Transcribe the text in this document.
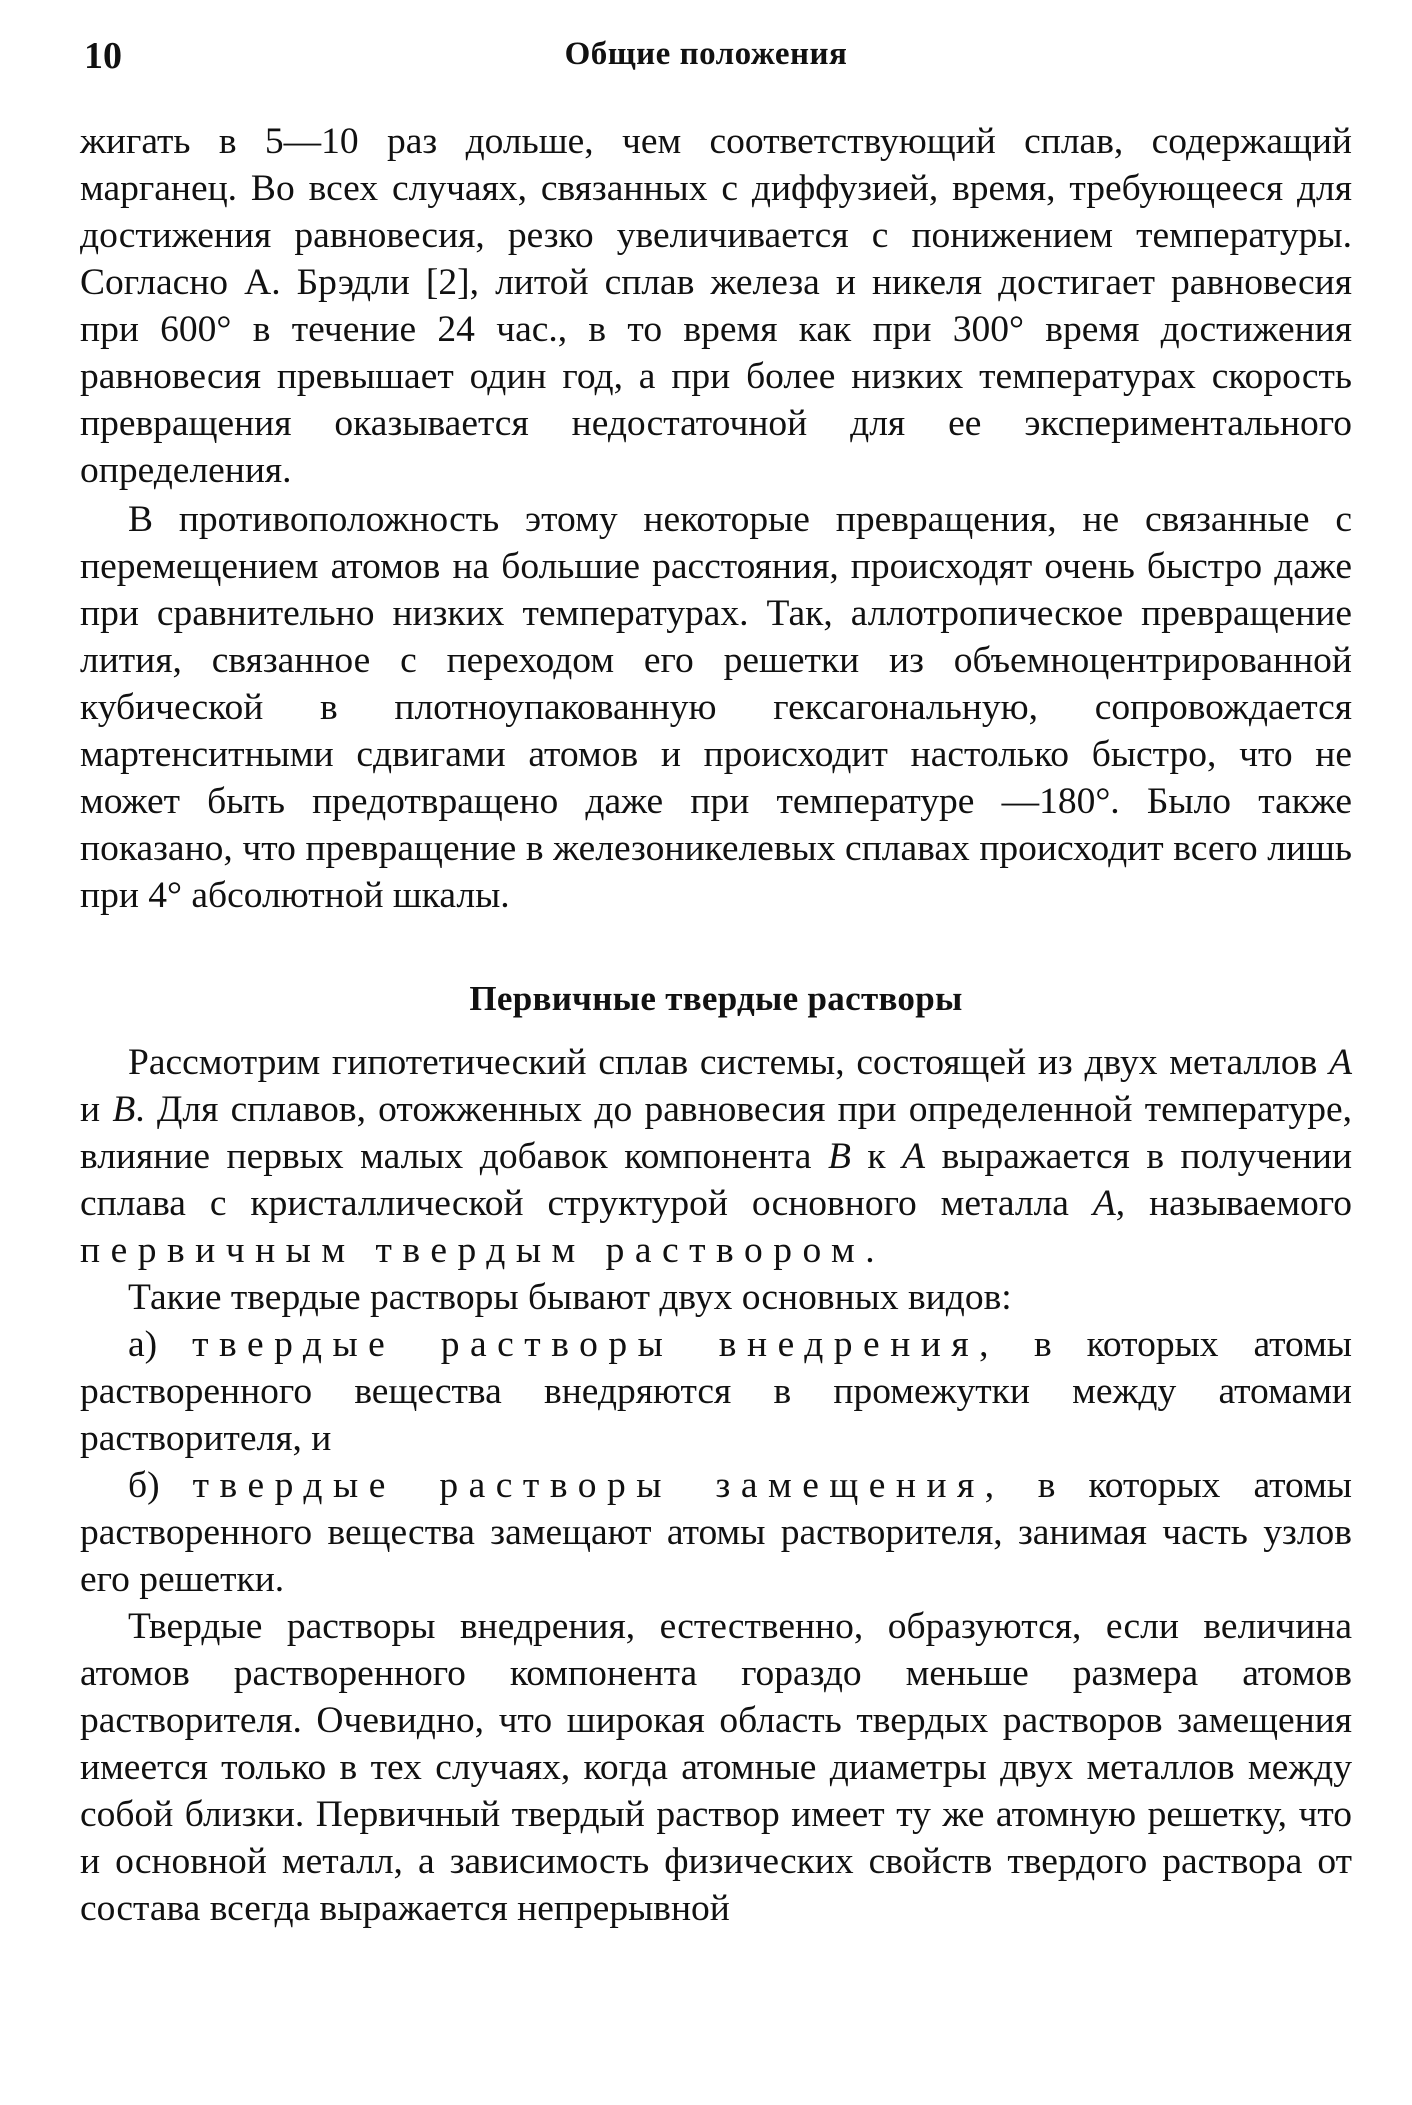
10	Общие положения

жигать в 5—10 раз дольше, чем соответствующий сплав, содержащий марганец. Во всех случаях, связанных с диффузией, время, требующееся для достижения равновесия, резко увеличивается с понижением температуры. Согласно А. Брэдли [2], литой сплав железа и никеля достигает равновесия при 600° в течение 24 час., в то время как при 300° время достижения равновесия превышает один год, а при более низких температурах скорость превращения оказывается недостаточной для ее экспериментального определения.

В противоположность этому некоторые превращения, не связанные с перемещением атомов на большие расстояния, происходят очень быстро даже при сравнительно низких температурах. Так, аллотропическое превращение лития, связанное с переходом его решетки из объемноцентрированной кубической в плотноупакованную гексагональную, сопровождается мартенситными сдвигами атомов и происходит настолько быстро, что не может быть предотвращено даже при температуре —180°. Было также показано, что превращение в железоникелевых сплавах происходит всего лишь при 4° абсолютной шкалы.

Первичные твердые растворы

Рассмотрим гипотетический сплав системы, состоящей из двух металлов A и B. Для сплавов, отожженных до равновесия при определенной температуре, влияние первых малых добавок компонента B к A выражается в получении сплава с кристаллической структурой основного металла A, называемого первичным твердым раствором.

Такие твердые растворы бывают двух основных видов:

а) твердые растворы внедрения, в которых атомы растворенного вещества внедряются в промежутки между атомами растворителя, и

б) твердые растворы замещения, в которых атомы растворенного вещества замещают атомы растворителя, занимая часть узлов его решетки.

Твердые растворы внедрения, естественно, образуются, если величина атомов растворенного компонента гораздо меньше размера атомов растворителя. Очевидно, что широкая область твердых растворов замещения имеется только в тех случаях, когда атомные диаметры двух металлов между собой близки. Первичный твердый раствор имеет ту же атомную решетку, что и основной металл, а зависимость физических свойств твердого раствора от состава всегда выражается непрерывной
